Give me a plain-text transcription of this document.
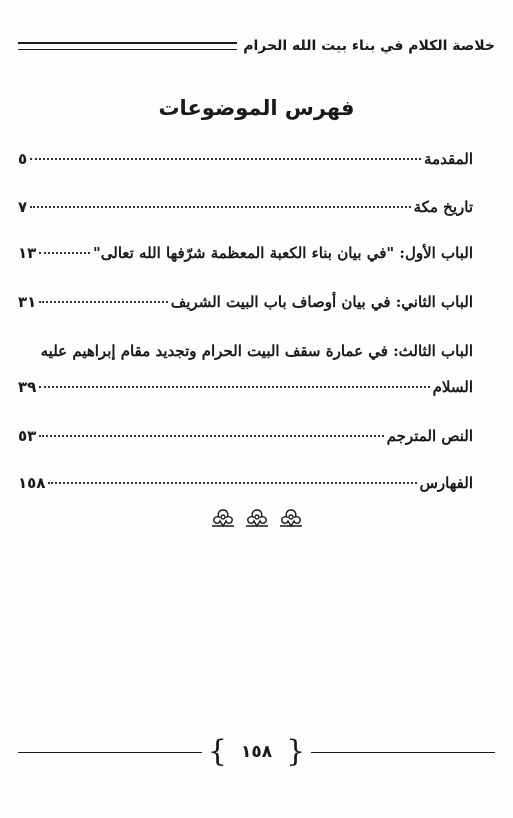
خلاصة الكلام في بناء بيت الله الحرام
فهرس الموضوعات
المقدمة
٥
تاريخ مكة
٧
الباب الأول: "في بيان بناء الكعبة المعظمة شرّفها الله تعالى"
١٣
الباب الثاني: في بيان أوصاف باب البيت الشريف
٣١
الباب الثالث: في عمارة سقف البيت الحرام وتجديد مقام إبراهيم عليه
السلام
٣٩
النص المترجم
٥٣
الفهارس
١٥٨
{ ١٥٨ }
